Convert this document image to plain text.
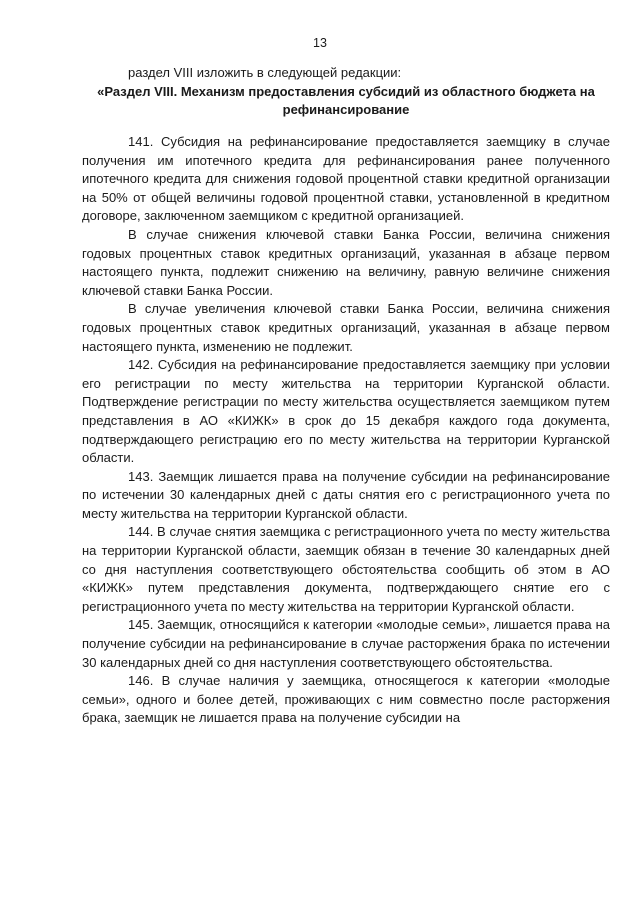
13

раздел VIII изложить в следующей редакции:

«Раздел VIII. Механизм предоставления субсидий из областного бюджета на рефинансирование

141. Субсидия на рефинансирование предоставляется заемщику в случае получения им ипотечного кредита для рефинансирования ранее полученного ипотечного кредита для снижения годовой процентной ставки кредитной организации на 50% от общей величины годовой процентной ставки, установленной в кредитном договоре, заключенном заемщиком с кредитной организацией.

В случае снижения ключевой ставки Банка России, величина снижения годовых процентных ставок кредитных организаций, указанная в абзаце первом настоящего пункта, подлежит снижению на величину, равную величине снижения ключевой ставки Банка России.

В случае увеличения ключевой ставки Банка России, величина снижения годовых процентных ставок кредитных организаций, указанная в абзаце первом настоящего пункта, изменению не подлежит.

142. Субсидия на рефинансирование предоставляется заемщику при условии его регистрации по месту жительства на территории Курганской области. Подтверждение регистрации по месту жительства осуществляется заемщиком путем представления в АО «КИЖК» в срок до 15 декабря каждого года документа, подтверждающего регистрацию его по месту жительства на территории Курганской области.

143. Заемщик лишается права на получение субсидии на рефинансирование по истечении 30 календарных дней с даты снятия его с регистрационного учета по месту жительства на территории Курганской области.

144. В случае снятия заемщика с регистрационного учета по месту жительства на территории Курганской области, заемщик обязан в течение 30 календарных дней со дня наступления соответствующего обстоятельства сообщить об этом в АО «КИЖК» путем представления документа, подтверждающего снятие его с регистрационного учета по месту жительства на территории Курганской области.

145. Заемщик, относящийся к категории «молодые семьи», лишается права на получение субсидии на рефинансирование в случае расторжения брака по истечении 30 календарных дней со дня наступления соответствующего обстоятельства.

146. В случае наличия у заемщика, относящегося к категории «молодые семьи», одного и более детей, проживающих с ним совместно после расторжения брака, заемщик не лишается права на получение субсидии на
